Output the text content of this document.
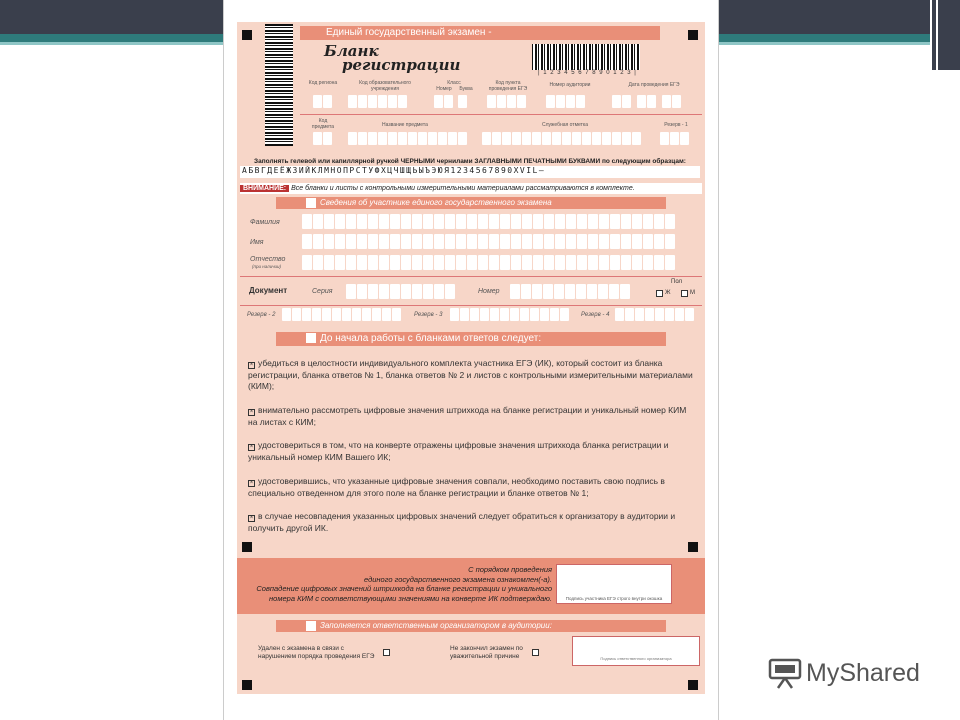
| 1 2 3 4 5 6 7 8 9 0 1 2 3 |
Единый государственный экзамен -
Бланк
регистрации
Код региона	Код образовательного учреждения
Класс
Номер	Буква
Код пункта проведения ЕГЭ
Номер аудитории	Дата проведения ЕГЭ
Код предмета	Название предмета	Служебная отметка	Резерв - 1
Заполнять гелевой или капиллярной ручкой ЧЕРНЫМИ чернилами ЗАГЛАВНЫМИ ПЕЧАТНЫМИ БУКВАМИ по следующим образцам:
АБВГДЕЁЖЗИЙКЛМНОПРСТУФХЦЧШЩЬЫЪЭЮЯ1234567890XVIL–
ВНИМАНИЕ: Все бланки и листы с контрольными измерительными материалами рассматриваются в комплекте.
Сведения об участнике единого государственного экзамена
Фамилия
Имя
Отчество
(при наличии)
Документ	Серия	Номер
Пол
Ж	М
Резерв - 2	Резерв - 3	Резерв - 4
До начала работы с бланками ответов следует:
× убедиться в целостности индивидуального комплекта участника ЕГЭ (ИК), который состоит из бланка регистрации, бланка ответов № 1, бланка ответов № 2 и листов с контрольными измерительными материалами (КИМ);
× внимательно рассмотреть цифровые значения штрихкода на бланке регистрации и уникальный номер КИМ на листах с КИМ;
× удостовериться в том, что на конверте отражены цифровые значения штрихкода бланка регистрации и уникальный номер КИМ Вашего ИК;
× удостоверившись, что указанные цифровые значения совпали, необходимо поставить свою подпись в специально отведенном для этого поле на бланке регистрации и бланке ответов № 1;
× в случае несовпадения указанных цифровых значений следует обратиться к организатору в аудитории и получить другой ИК.
С порядком проведения
единого государственного экзамена ознакомлен(-а).
Совпадение цифровых значений штрихкода на бланке регистрации и уникального
номера КИМ с соответствующими значениями на конверте ИК подтверждаю.	Подпись участника ЕГЭ строго внутри окошка
Заполняется ответственным организатором в аудитории:
Удален с экзамена в связи с
нарушением порядка проведения ЕГЭ
Не закончил экзамен по
уважительной причине	Подпись ответственного организатора	MyShared
